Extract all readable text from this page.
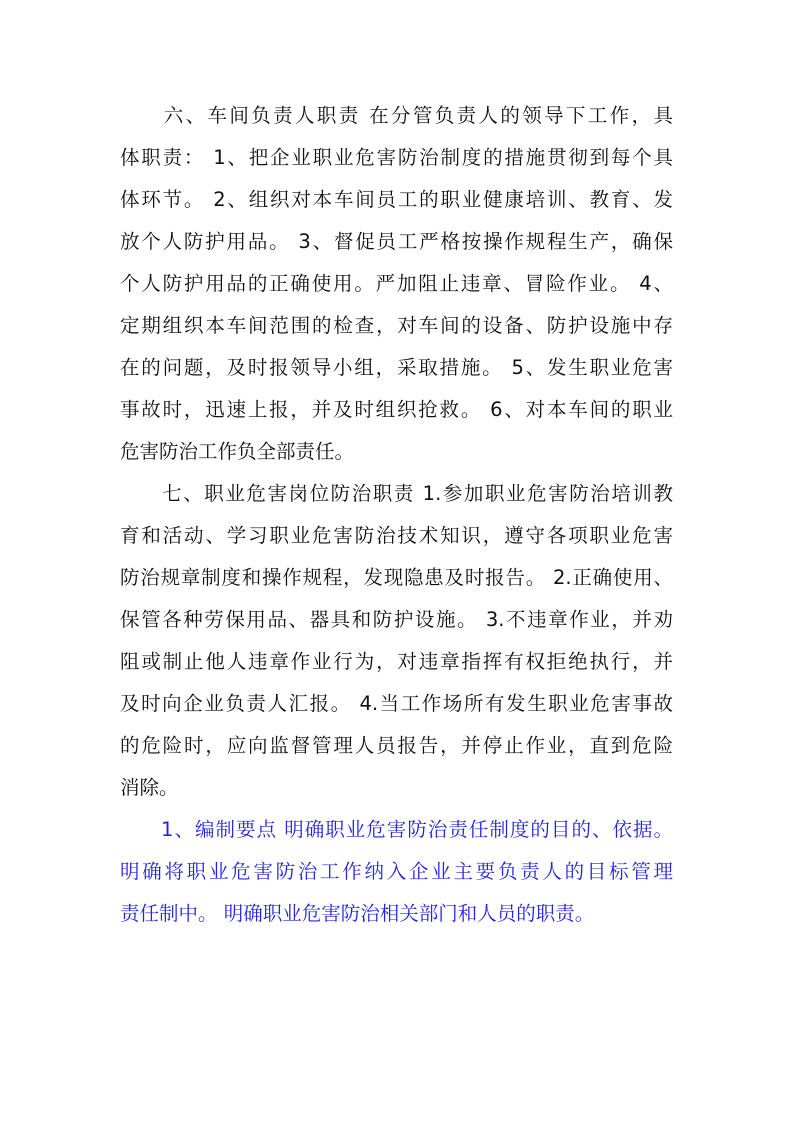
　　六、车间负责人职责 在分管负责人的领导下工作，具
体职责： 1、把企业职业危害防治制度的措施贯彻到每个具
体环节。 2、组织对本车间员工的职业健康培训、教育、发
放个人防护用品。 3、督促员工严格按操作规程生产，确保
个人防护用品的正确使用。严加阻止违章、冒险作业。 4、
定期组织本车间范围的检查，对车间的设备、防护设施中存
在的问题，及时报领导小组，采取措施。 5、发生职业危害
事故时，迅速上报，并及时组织抢救。 6、对本车间的职业
危害防治工作负全部责任。
　　七、职业危害岗位防治职责 1.参加职业危害防治培训教
育和活动、学习职业危害防治技术知识，遵守各项职业危害
防治规章制度和操作规程，发现隐患及时报告。 2.正确使用、
保管各种劳保用品、器具和防护设施。 3.不违章作业，并劝
阻或制止他人违章作业行为，对违章指挥有权拒绝执行，并
及时向企业负责人汇报。 4.当工作场所有发生职业危害事故
的危险时，应向监督管理人员报告，并停止作业，直到危险
消除。
　　1、编制要点 明确职业危害防治责任制度的目的、依据。
明确将职业危害防治工作纳入企业主要负责人的目标管理
责任制中。 明确职业危害防治相关部门和人员的职责。
